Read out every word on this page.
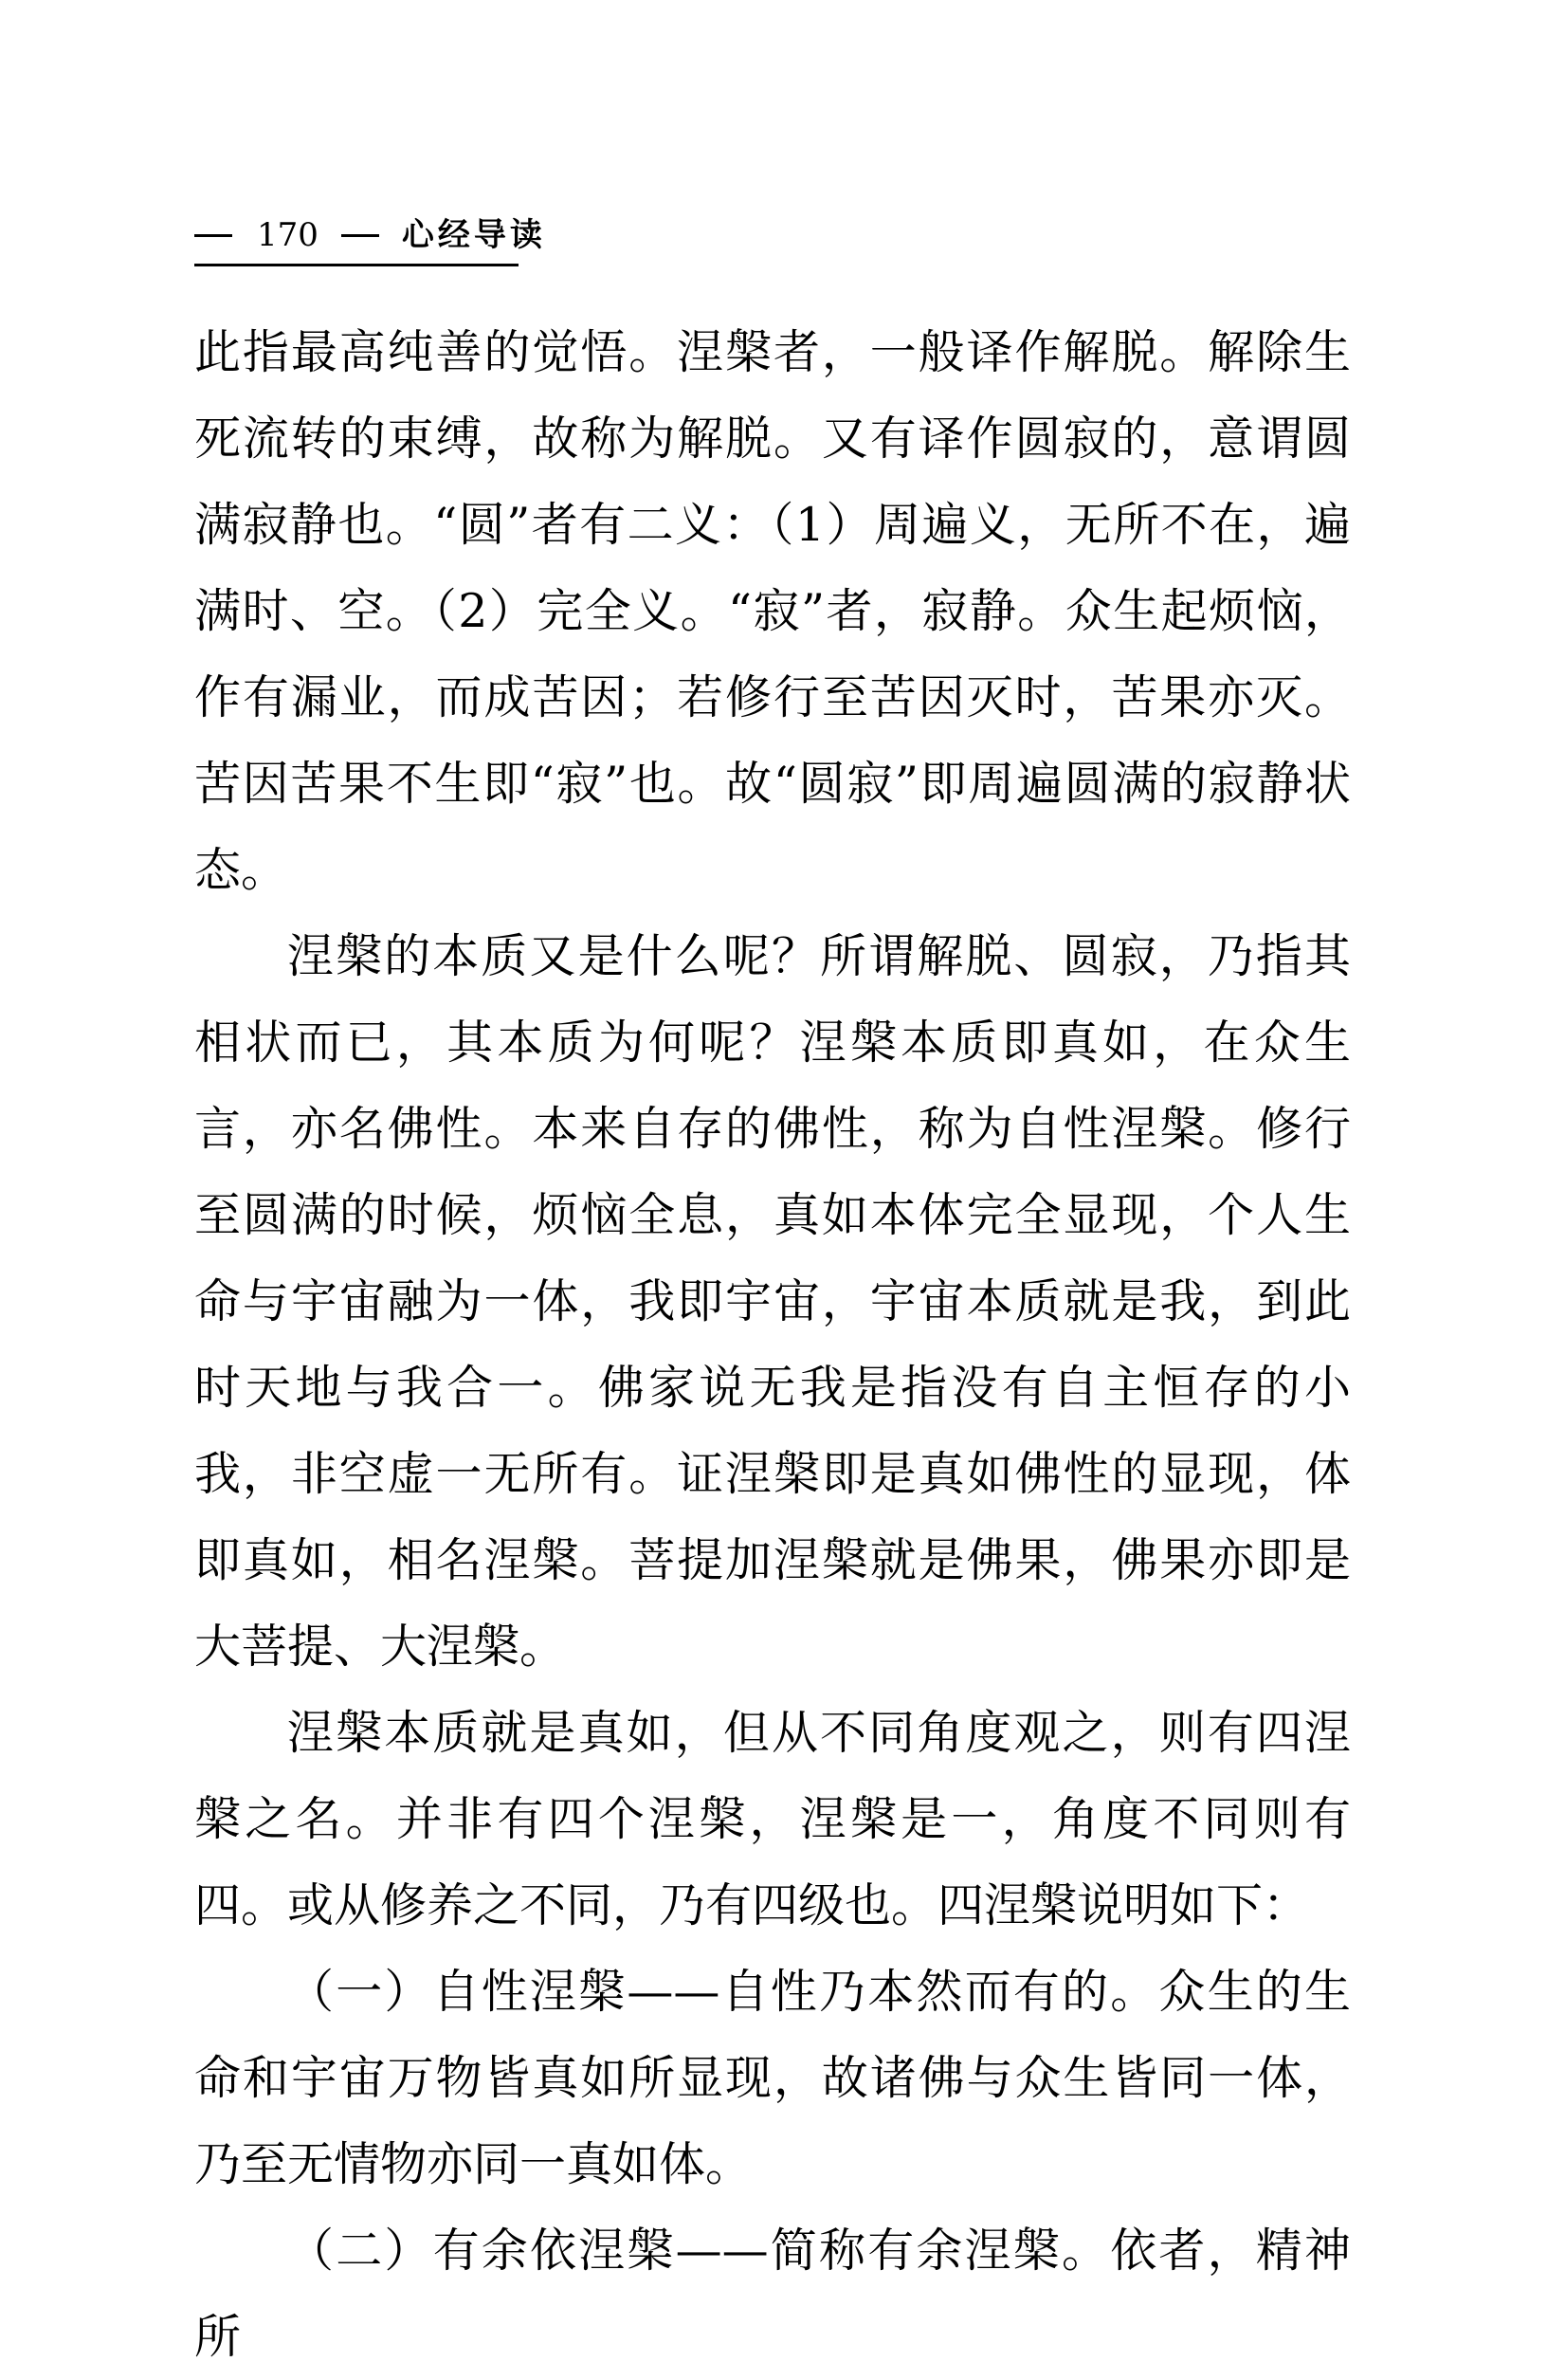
170	心经导读

此指最高纯善的觉悟。涅槃者，一般译作解脱。解除生死流转的束缚，故称为解脱。又有译作圆寂的，意谓圆满寂静也。“圆”者有二义：（1）周遍义，无所不在，遍满时、空。（2）完全义。“寂”者，寂静。众生起烦恼，作有漏业，而成苦因；若修行至苦因灭时，苦果亦灭。苦因苦果不生即“寂”也。故“圆寂”即周遍圆满的寂静状态。

涅槃的本质又是什么呢？所谓解脱、圆寂，乃指其相状而已，其本质为何呢？涅槃本质即真如，在众生言，亦名佛性。本来自存的佛性，称为自性涅槃。修行至圆满的时候，烦恼全息，真如本体完全显现，个人生命与宇宙融为一体，我即宇宙，宇宙本质就是我，到此时天地与我合一。佛家说无我是指没有自主恒存的小我，非空虚一无所有。证涅槃即是真如佛性的显现，体即真如，相名涅槃。菩提加涅槃就是佛果，佛果亦即是大菩提、大涅槃。

涅槃本质就是真如，但从不同角度观之，则有四涅槃之名。并非有四个涅槃，涅槃是一，角度不同则有四。或从修养之不同，乃有四级也。四涅槃说明如下：

（一）自性涅槃——自性乃本然而有的。众生的生命和宇宙万物皆真如所显现，故诸佛与众生皆同一体，乃至无情物亦同一真如体。

（二）有余依涅槃——简称有余涅槃。依者，精神所
